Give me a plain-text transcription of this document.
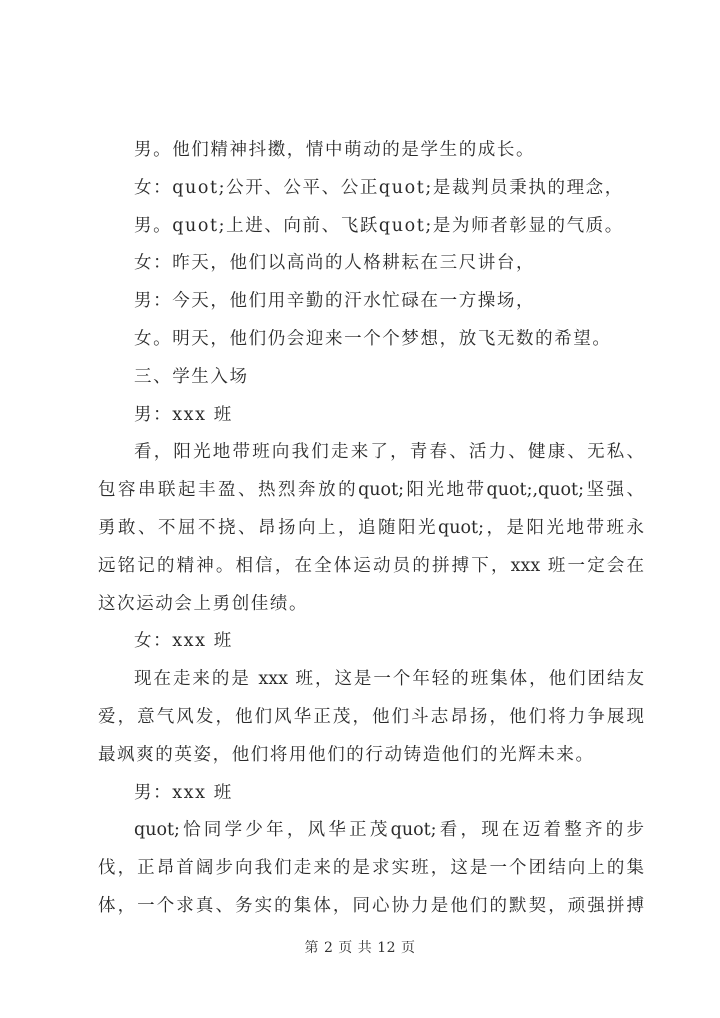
男。他们精神抖擞，情中萌动的是学生的成长。
女：quot;公开、公平、公正quot;是裁判员秉执的理念，
男。quot;上进、向前、飞跃quot;是为师者彰显的气质。
女：昨天，他们以高尚的人格耕耘在三尺讲台，
男：今天，他们用辛勤的汗水忙碌在一方操场，
女。明天，他们仍会迎来一个个梦想，放飞无数的希望。
三、学生入场
男：xxx 班
看，阳光地带班向我们走来了，青春、活力、健康、无私、
包容串联起丰盈、热烈奔放的quot;阳光地带quot;,quot;坚强、
勇敢、不屈不挠、昂扬向上，追随阳光quot;，是阳光地带班永
远铭记的精神。相信，在全体运动员的拼搏下，xxx 班一定会在
这次运动会上勇创佳绩。
女：xxx 班
现在走来的是 xxx 班，这是一个年轻的班集体，他们团结友
爱，意气风发，他们风华正茂，他们斗志昂扬，他们将力争展现
最飒爽的英姿，他们将用他们的行动铸造他们的光辉未来。
男：xxx 班
quot;恰同学少年，风华正茂quot;看，现在迈着整齐的步
伐，正昂首阔步向我们走来的是求实班，这是一个团结向上的集
体，一个求真、务实的集体，同心协力是他们的默契，顽强拼搏
第 2 页 共 12 页
